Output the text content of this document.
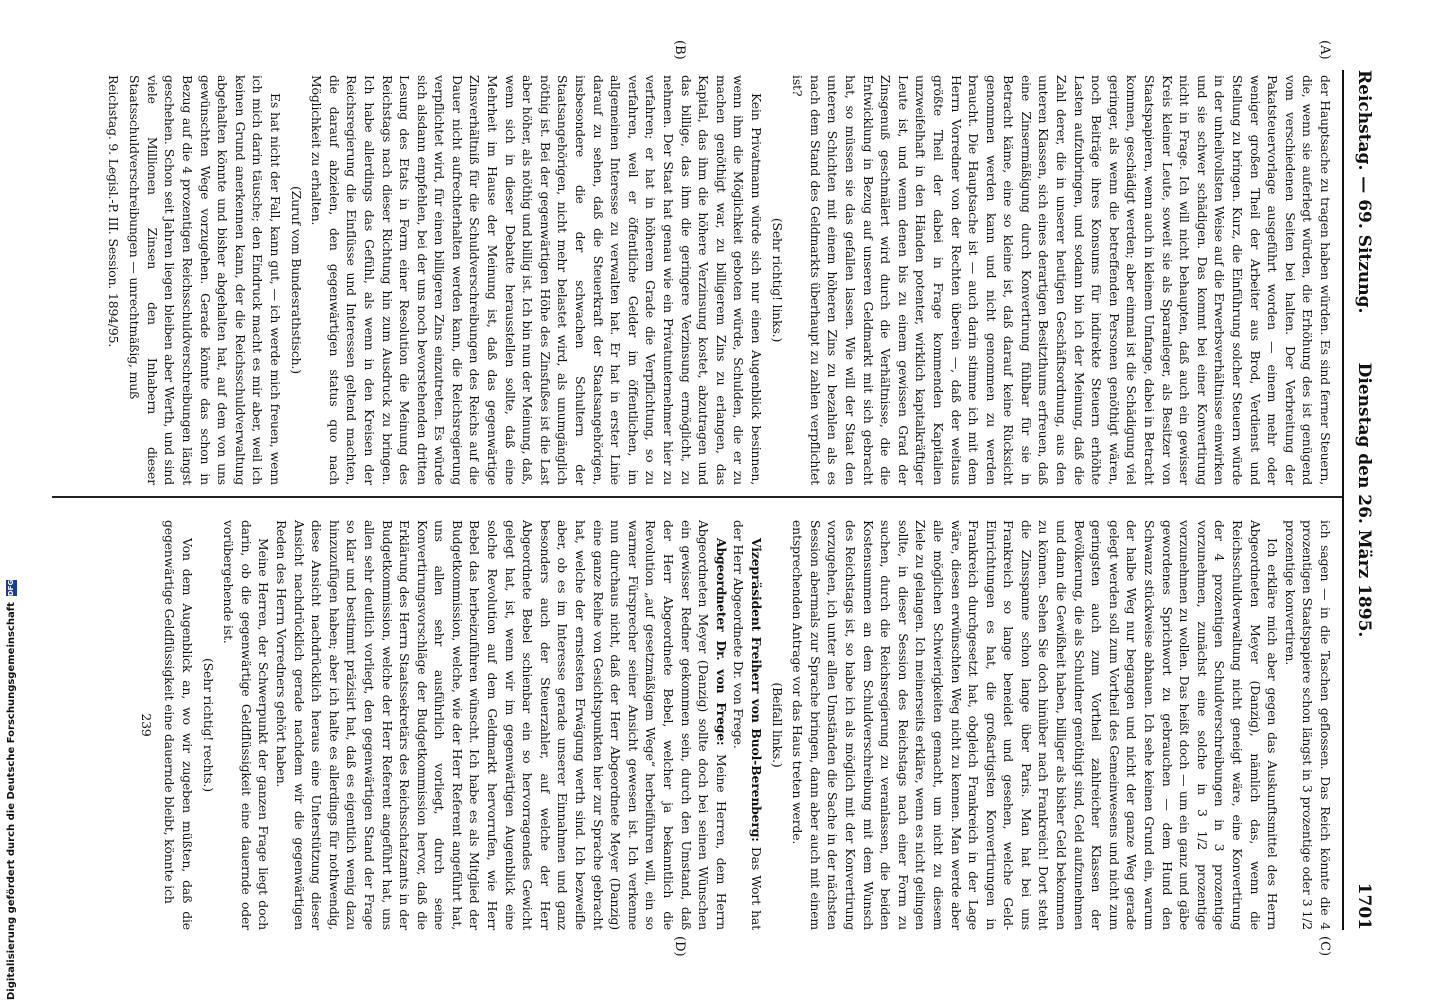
Reichstag. — 69. Sitzung.
Dienstag den 26. März 1895.
1701
(A)
(B)
(C)
(D)

der Hauptsache zu tragen haben würden. Es sind ferner Steuern, die, wenn sie auferlegt würden, die Erhöhung des ist genügend vom verschiedenen Seiten bei halten. Der Verbreitung der Pakatsteuervorlage ausgeführt worden — einem mehr oder weniger großen Theil der Arbeiter aus Brod, Verdienst und Stellung zu bringen. Kurz, die Einführung solcher Steuern würde in der unheilvollsten Weise auf die Erwerbsverhältnisse einwirken und sie schwer schädigen. Das kommt bei einer Konvertirung nicht in Frage. Ich will nicht behaupten, daß auch ein gewisser Kreis kleiner Leute, soweit sie als Sparanleger, als Besitzer von Staatspapieren, wenn auch in kleinem Umfange, dabei in Betracht kommen, geschädigt werden; aber einmal ist die Schädigung viel geringer, als wenn die betreffenden Personen genöthigt wären, noch Beiträge ihres Konsums für indirekte Steuern erhöhte Lasten aufzubringen, und sodann bin ich der Meinung, daß die Zahl derer, die in unserer heutigen Geschäftsordnung, aus den unteren Klassen, sich eines derartigen Besitzthums erfreuen, daß eine Zinsermäßigung durch Konvertirung fühlbar für sie in Betracht käme, eine so kleine ist, daß darauf keine Rücksicht genommen werden kann und nicht genommen zu werden braucht. Die Hauptsache ist — auch darin stimme ich mit dem Herrn Vorredner von der Rechten überein —, daß der weitaus größte Theil der dabei in Frage kommenden Kapitalien unzweifelhaft in den Händen potenter, wirklich kapitalkräftiger Leute ist, und wenn denen bis zu einem gewissen Grad der Zinsgenuß geschmälert wird durch die Verhältnisse, die die Entwicklung in Bezug auf unseren Geldmarkt mit sich gebracht hat, so müssen sie das gefallen lassen. Wie will der Staat den unteren Schichten mit einem höheren Zins zu bezahlen als es nach dem Stand des Geldmarkts überhaupt zu zahlen verpflichtet ist?

(Sehr richtig! links.)

Kein Privatmann würde sich nur einen Augenblick besinnen, wenn ihm die Möglichkeit geboten würde, Schulden, die er zu machen genöthigt war, zu billigerem Zins zu erlangen, das Kapital, das ihm die höhere Verzinsung kostet, abzutragen und das billige, das ihm die geringere Verzinsung ermöglicht, zu nehmen. Der Staat hat genau wie ein Privatunternehmer hier zu verfahren; er hat in höherem Grade die Verpflichtung, so zu verfahren, weil er öffentliche Gelder im öffentlichen, im allgemeinen Interesse zu verwalten hat. Er hat in erster Linie darauf zu sehen, daß die Steuerkraft der Staatsangehörigen, insbesondere die der schwachen Schultern der Staatsangehörigen, nicht mehr belastet wird, als unumgänglich nöthig ist. Bei der gegenwärtigen Höhe des Zinsfußes ist die Last aber höher, als nöthig und billig ist. Ich bin nun der Meinung, daß, wenn sich in dieser Debatte herausstellen sollte, daß eine Mehrheit im Hause der Meinung ist, daß das gegenwärtige Zinsverhältniß für die Schuldverschreibungen des Reichs auf die Dauer nicht aufrechterhalten werden kann, die Reichsregierung verpflichtet wird, für einen billigeren Zins einzutreten. Es würde sich alsdann empfehlen, bei der uns noch bevorstehenden dritten Lesung des Etats in Form einer Resolution die Meinung des Reichstags nach dieser Richtung hin zum Ausdruck zu bringen. Ich habe allerdings das Gefühl, als wenn in den Kreisen der Reichsregierung die Einflüsse und Interessen geltend machten, die darauf abzielen, den gegenwärtigen status quo nach Möglichkeit zu erhalten.

(Zuruf vom Bundesrathstisch.)

Es hat nicht der Fall, kann gut, — ich werde mich freuen, wenn ich mich darin täusche; den Eindruck macht es mir aber, weil ich keinen Grund anerkennen kann, der die Reichsschuldverwaltung abgehalten könnte und bisher abgehalten hat, auf dem von uns gewünschten Wege vorzugehen. Gerade könnte das schon in Bezug auf die 4 prozentigen Reichsschuldverschreibungen längst geschehen. Schon seit Jahren liegen bleiben aber Werth, und sind viele Millionen Zinsen den Inhabern dieser Staatsschuldverschreibungen — unrechtmäßig, muß

Reichstag. 9. Legisl.-P. III. Session. 1894/95.

ich sagen — in die Taschen geflossen. Das Reich könnte die 4 prozentigen Staatspapiere schon längst in 3 prozentige oder 3 1/2 prozentige konvertiren.

Ich erkläre mich aber gegen das Auskunftsmittel des Herrn Abgeordneten Meyer (Danzig), nämlich das, wenn die Reichsschuldverwaltung nicht geneigt wäre, eine Konvertirung der 4 prozentigen Schuldverschreibungen in 3 prozentige vorzunehmen, zunächst eine solche in 3 1/2 prozentige vorzunehmen zu wollen. Das heißt doch — um ein ganz und gäbe gewordenes Sprichwort zu gebrauchen — dem Hund den Schwanz stückweise abhauen. Ich sehe keinen Grund ein, warum der halbe Weg nur begangen und nicht der ganze Weg gerade gelegt werden soll zum Vortheil des Gemeinwesens und nicht zum geringsten auch zum Vortheil zahlreicher Klassen der Bevölkerung, die als Schuldner genöthigt sind, Geld aufzunehmen und dann die Gewißheit haben, billiger als bisher Geld bekommen zu können. Sehen Sie doch hinüber nach Frankreich! Dort steht die Zinsspanne schon lange über Paris. Man hat bei uns Frankreich so lange beneidet und gesehen, welche Geld-Einrichtungen es hat, die großartigsten Konvertirungen in Frankreich durchgesetzt hat, obgleich Frankreich in der Lage wäre, diesen erwünschten Weg nicht zu kennen. Man werde aber alle möglichen Schwierigkeiten gemacht, um nicht zu diesem Ziele zu gelangen. Ich meinerseits erkläre, wenn es nicht gelingen sollte, in dieser Session des Reichstags nach einer Form zu suchen, durch die Reichsregierung zu veranlassen, die beiden Kostensummen an dem Schuldverschreibung mit dem Wunsch des Reichstags ist, so habe ich als möglich mit der Konvertirung vorzugehen, ich unter allen Umständen die Sache in der nächsten Session abermals zur Sprache bringen, dann aber auch mit einem entsprechenden Antrage vor das Haus treten werde.

(Beifall links.)

Vizepräsident Freiherr von Buol-Berenberg: Das Wort hat der Herr Abgeordnete Dr. von Frege.

Abgeordneter Dr. von Frege: Meine Herren, dem Herrn Abgeordneten Meyer (Danzig) sollte doch bei seinen Wünschen ein gewisser Redner gekommen sein, durch den Umstand, daß der Herr Abgeordnete Bebel, welcher ja bekanntlich die Revolution „auf gesetzmäßigem Wege“ herbeiführen will, ein so warmer Fürsprecher seiner Ansicht gewesen ist. Ich verkenne nun durchaus nicht, daß der Herr Abgeordnete Meyer (Danzig) eine ganze Reihe von Gesichtspunkten hier zur Sprache gebracht hat, welche der ernstesten Erwägung werth sind. Ich bezweifle aber, ob es im Interesse gerade unserer Einnahmen und ganz besonders auch der Steuerzahler, auf welche der Herr Abgeordnete Bebel schienbar ein so hervorragendes Gewicht gelegt hat, ist, wenn wir im gegenwärtigen Augenblick eine solche Revolution auf dem Geldmarkt hervorrufen, wie Herr Bebel das herbeizuführen wünscht. Ich habe es als Mitglied der Budgetkommission, welche, wie der Herr Referent angeführt hat, uns allen sehr ausführlich vorliegt, durch seine Konvertirungsvorschläge der Budgetkommission hervor, daß die Erklärung des Herrn Staatssekretärs des Reichsschatzamts in der Budgetkommission, welche der Herr Referent angeführt hat, uns allen sehr deutlich vorliegt, den gegenwärtigen Stand der Frage so klar und bestimmt präzisirt hat, daß es eigentlich wenig dazu hinzuzufügen haben; aber ich halte es allerdings für nothwendig, diese Ansicht nachdrücklich heraus eine Unterstützung dieser Ansicht nachdrücklich gerade nachdem wir die gegenwärtigen Reden des Herrn Vorredners gehört haben.

Meine Herren, der Schwerpunkt der ganzen Frage liegt doch darin, ob die gegenwärtige Geldflüssigkeit eine dauernde oder vorübergehende ist.

(Sehr richtig! rechts.)

Von dem Augenblick an, wo wir zugeben müßten, daß die gegenwärtige Geldflüssigkeit eine dauernde bleibt, könnte ich

239

Digitalisierung gefördert durch die Deutsche Forschungsgemeinschaft
DFG
